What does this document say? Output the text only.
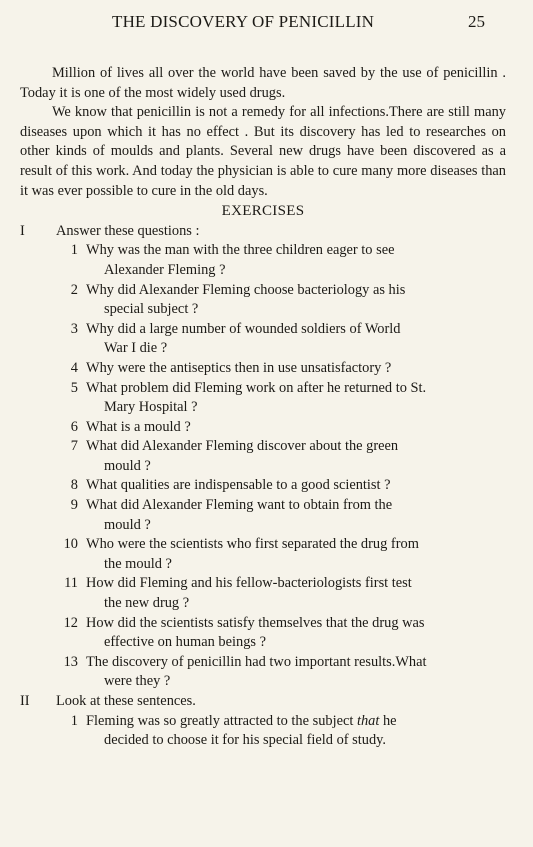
THE DISCOVERY OF PENICILLIN	25

Million of lives all over the world have been saved by the use of penicillin . Today it is one of the most widely used drugs.

We know that penicillin is not a remedy for all infections.There are still many diseases upon which it has no effect . But its discovery has led to researches on other kinds of moulds and plants. Several new drugs have been discovered as a result of this work. And today the physician is able to cure many more diseases than it was ever possible to cure in the old days.

EXERCISES

I Answer these questions :
1 Why was the man with the three children eager to see
Alexander Fleming ?
2 Why did Alexander Fleming choose bacteriology as his
special subject ?
3 Why did a large number of wounded soldiers of World
War I die ?
4 Why were the antiseptics then in use unsatisfactory ?
5 What problem did Fleming work on after he returned to St.
Mary Hospital ?
6 What is a mould ?
7 What did Alexander Fleming discover about the green
mould ?
8 What qualities are indispensable to a good scientist ?
9 What did Alexander Fleming want to obtain from the
mould ?
10 Who were the scientists who first separated the drug from
the mould ?
11 How did Fleming and his fellow-bacteriologists first test
the new drug ?
12 How did the scientists satisfy themselves that the drug was
effective on human beings ?
13 The discovery of penicillin had two important results.What
were they ?
II Look at these sentences.
1 Fleming was so greatly attracted to the subject that he
decided to choose it for his special field of study.
